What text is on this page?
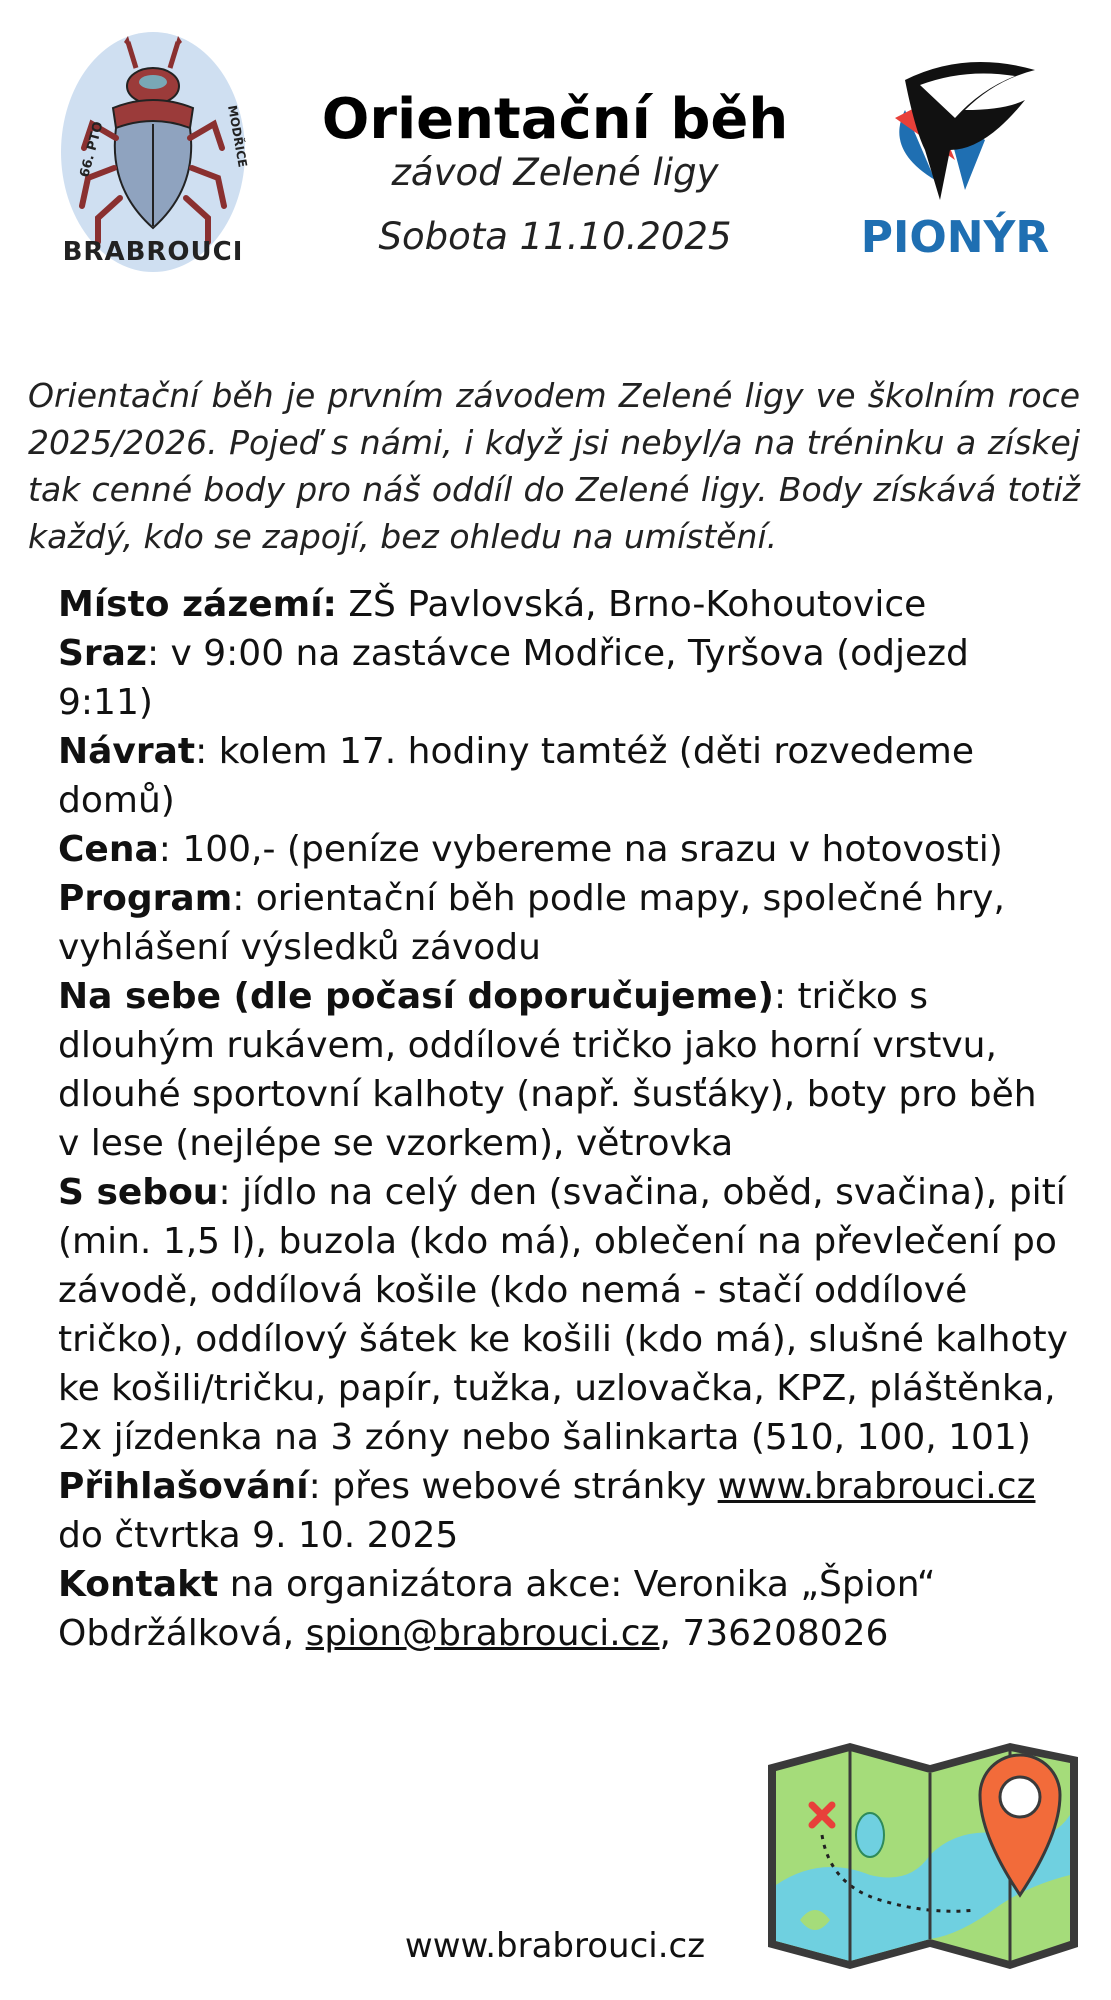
66. PTO	MODŘICE
BRABROUCI
Orientační běh
závod Zelené ligy
Sobota 11.10.2025	PIONÝR
Orientační běh je prvním závodem Zelené ligy ve školním roce 2025/2026. Pojeď s námi, i když jsi nebyl/a na tréninku a získej tak cenné body pro náš oddíl do Zelené ligy. Body získává totiž každý, kdo se zapojí, bez ohledu na umístění.

Místo zázemí: ZŠ Pavlovská, Brno-Kohoutovice

Sraz: v 9:00 na zastávce Modřice, Tyršova (odjezd 9:11)

Návrat: kolem 17. hodiny tamtéž (děti rozvedeme domů)

Cena: 100,- (peníze vybereme na srazu v hotovosti)

Program: orientační běh podle mapy, společné hry, vyhlášení výsledků závodu

Na sebe (dle počasí doporučujeme): tričko s dlouhým rukávem, oddílové tričko jako horní vrstvu, dlouhé sportovní kalhoty (např. šusťáky), boty pro běh v lese (nejlépe se vzorkem), větrovka

S sebou: jídlo na celý den (svačina, oběd, svačina), pití (min. 1,5 l), buzola (kdo má), oblečení na převlečení po závodě, oddílová košile (kdo nemá - stačí oddílové tričko), oddílový šátek ke košili (kdo má), slušné kalhoty ke košili/tričku, papír, tužka, uzlovačka, KPZ, pláštěnka, 2x jízdenka na 3 zóny nebo šalinkarta (510, 100, 101)

Přihlašování: přes webové stránky www.brabrouci.cz do čtvrtka 9. 10. 2025

Kontakt na organizátora akce: Veronika „Špion“ Obdržálková, spion@brabrouci.cz, 736208026

www.brabrouci.cz
